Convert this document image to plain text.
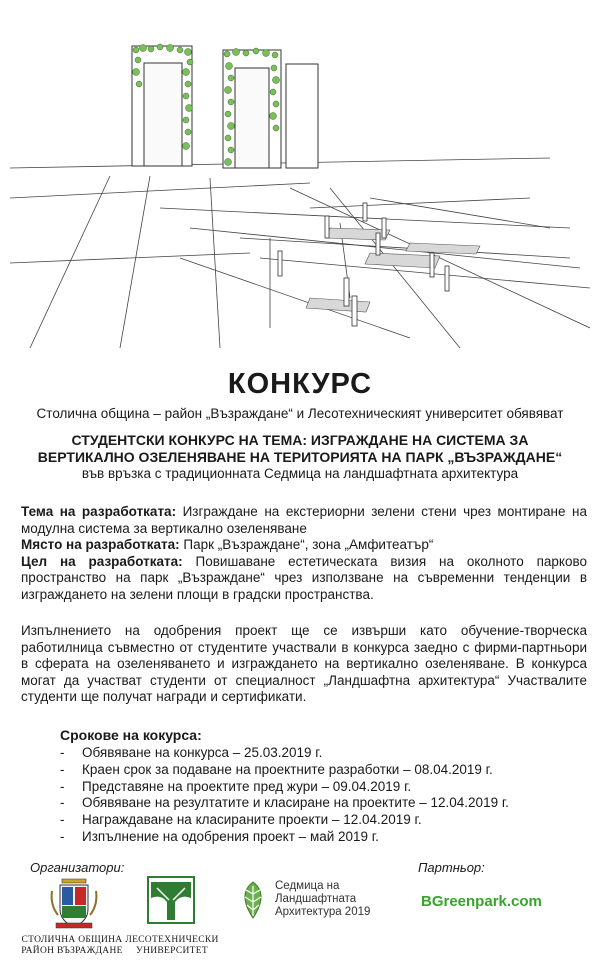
КОНКУРС
Столична община – район „Възраждане“ и Лесотехническият университет обявяват
СТУДЕНТСКИ КОНКУРС НА ТЕМА: ИЗГРАЖДАНЕ НА СИСТЕМА ЗА
ВЕРТИКАЛНО ОЗЕЛЕНЯВАНЕ НА ТЕРИТОРИЯТА НА ПАРК „ВЪЗРАЖДАНЕ“
във връзка с традиционната Седмица на ландшафтната архитектура

Тема на разработката: Изграждане на екстериорни зелени стени чрез монтиране на модулна система за вертикално озеленяване

Място на разработката: Парк „Възраждане“, зона „Амфитеатър“

Цел на разработката: Повишаване естетическата визия на околното парково пространство на парк „Възраждане“ чрез използване на съвременни тенденции в изграждането на зелени площи в градски пространства.

Изпълнението на одобрения проект ще се извърши като обучение-творческа работилница съвместно от студентите участвали в конкурса заедно с фирми-партньори в сферата на озеленяването и изграждането на вертикално озеленяване. В конкурса могат да участват студенти от специалност „Ландшафтна архитектура“ Участвалите студенти ще получат награди и сертификати.
Срокове на кокурса:
- Обявяване на конкурса – 25.03.2019 г.
- Краен срок за подаване на проектните разработки – 08.04.2019 г.
- Представяне на проектите пред жури – 09.04.2019 г.
- Обявяване на резултатите и класиране на проектите – 12.04.2019 г.
- Награждаване на класираните проекти – 12.04.2019 г.
- Изпълнение на одобрения проект – май 2019 г.
Организатори:	Партньор:
СТОЛИЧНА ОБЩИНА
РАЙОН ВЪЗРАЖДАНЕ
ЛЕСОТЕХНИЧЕСКИ
УНИВЕРСИТЕТ
Седмица на
Ландшафтната
Архитектура 2019
BGreenpark.com
